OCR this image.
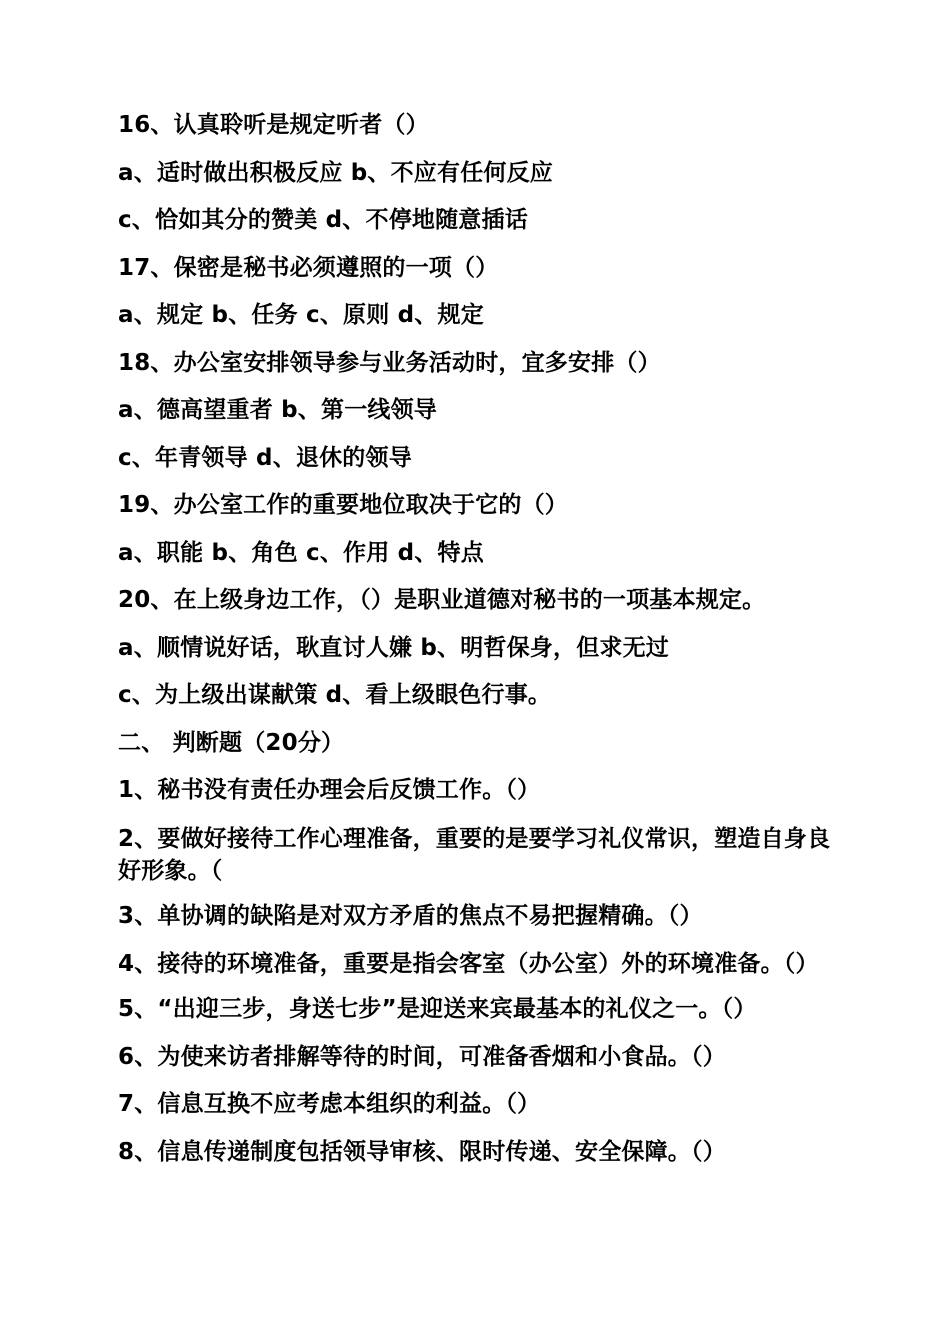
16、认真聆听是规定听者（）
a、适时做出积极反应 b、不应有任何反应
c、恰如其分的赞美 d、不停地随意插话
17、保密是秘书必须遵照的一项（）
a、规定 b、任务 c、原则 d、规定
18、办公室安排领导参与业务活动时，宜多安排（）
a、德高望重者 b、第一线领导
c、年青领导 d、退休的领导
19、办公室工作的重要地位取决于它的（）
a、职能 b、角色 c、作用 d、特点
20、在上级身边工作，（）是职业道德对秘书的一项基本规定。
a、顺情说好话，耿直讨人嫌 b、明哲保身，但求无过
c、为上级出谋献策 d、看上级眼色行事。
二、 判断题（20分）
1、秘书没有责任办理会后反馈工作。（）
2、要做好接待工作心理准备，重要的是要学习礼仪常识，塑造自身良好形象。（
3、单协调的缺陷是对双方矛盾的焦点不易把握精确。（）
4、接待的环境准备，重要是指会客室（办公室）外的环境准备。（）
5、“出迎三步，身送七步”是迎送来宾最基本的礼仪之一。（）
6、为使来访者排解等待的时间，可准备香烟和小食品。（）
7、信息互换不应考虑本组织的利益。（）
8、信息传递制度包括领导审核、限时传递、安全保障。（）
